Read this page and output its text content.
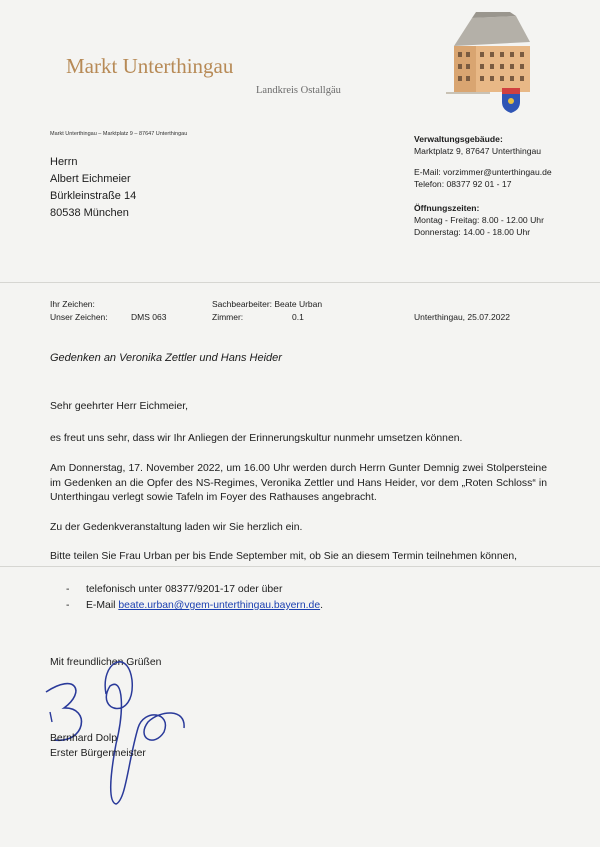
Markt Unterthingau
Landkreis Ostallgäu
Markt Unterthingau – Marktplatz 9 – 87647 Unterthingau
Herrn
Albert Eichmeier
Bürkleinstraße 14
80538 München
Verwaltungsgebäude:
Marktplatz 9, 87647 Unterthingau
E-Mail: vorzimmer@unterthingau.de
Telefon: 08377 92 01 - 17
Öffnungszeiten:
Montag - Freitag: 8.00 - 12.00 Uhr
Donnerstag: 14.00 - 18.00 Uhr
Ihr Zeichen:
Unser Zeichen:	DMS 063
Sachbearbeiter: Beate Urban
Zimmer:	0.1	Unterthingau, 25.07.2022
Gedenken an Veronika Zettler und Hans Heider
Sehr geehrter Herr Eichmeier,
es freut uns sehr, dass wir Ihr Anliegen der Erinnerungskultur nunmehr umsetzen können.
Am Donnerstag, 17. November 2022, um 16.00 Uhr werden durch Herrn Gunter Demnig zwei Stolpersteine im Gedenken an die Opfer des NS-Regimes, Veronika Zettler und Hans Heider, vor dem „Roten Schloss“ in Unterthingau verlegt sowie Tafeln im Foyer des Rathauses angebracht.
Zu der Gedenkveranstaltung laden wir Sie herzlich ein.
Bitte teilen Sie Frau Urban per bis Ende September mit, ob Sie an diesem Termin teilnehmen können,
- telefonisch unter 08377/9201-17 oder über
- E-Mail beate.urban@vgem-unterthingau.bayern.de.
Mit freundlichen Grüßen
Bernhard Dolp
Erster Bürgermeister
